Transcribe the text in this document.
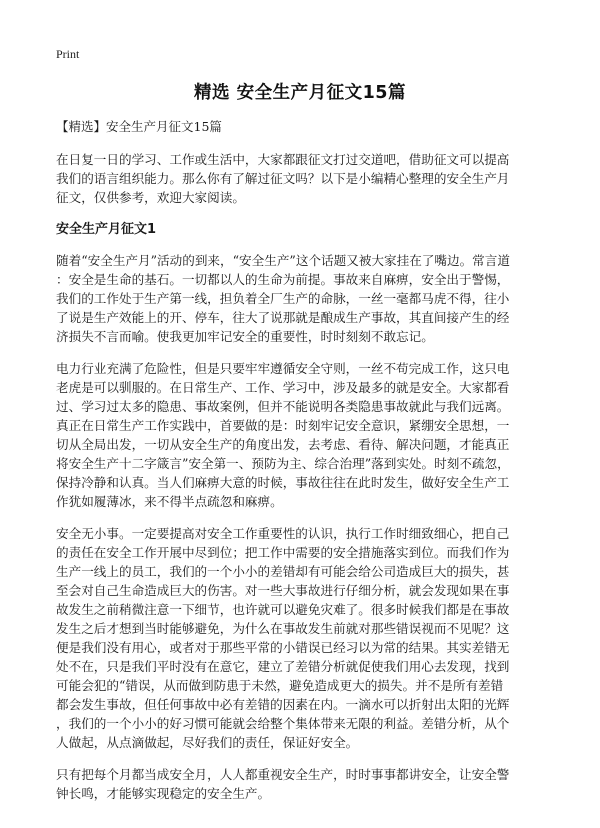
Print
精选 安全生产月征文15篇
【精选】安全生产月征文15篇

在日复一日的学习、工作或生活中，大家都跟征文打过交道吧，借助征文可以提高
我们的语言组织能力。那么你有了解过征文吗？以下是小编精心整理的安全生产月
征文，仅供参考，欢迎大家阅读。

安全生产月征文1

随着“安全生产月”活动的到来，“安全生产”这个话题又被大家挂在了嘴边。常言道
：安全是生命的基石。一切都以人的生命为前提。事故来自麻痹，安全出于警惕，
我们的工作处于生产第一线，担负着全厂生产的命脉，一丝一毫都马虎不得，往小
了说是生产效能上的开、停车，往大了说那就是酿成生产事故，其直间接产生的经
济损失不言而喻。使我更加牢记安全的重要性，时时刻刻不敢忘记。

电力行业充满了危险性，但是只要牢牢遵循安全守则，一丝不苟完成工作，这只电
老虎是可以驯服的。在日常生产、工作、学习中，涉及最多的就是安全。大家都看
过、学习过太多的隐患、事故案例，但并不能说明各类隐患事故就此与我们远离。
真正在日常生产工作实践中，首要做的是：时刻牢记安全意识，紧绷安全思想，一
切从全局出发，一切从安全生产的角度出发，去考虑、看待、解决问题，才能真正
将安全生产十二字箴言”安全第一、预防为主、综合治理”落到实处。时刻不疏忽，
保持冷静和认真。当人们麻痹大意的时候，事故往往在此时发生，做好安全生产工
作犹如履薄冰，来不得半点疏忽和麻痹。

安全无小事。一定要提高对安全工作重要性的认识，执行工作时细致细心，把自己
的责任在安全工作开展中尽到位；把工作中需要的安全措施落实到位。而我们作为
生产一线上的员工，我们的一个小小的差错却有可能会给公司造成巨大的损失，甚
至会对自己生命造成巨大的伤害。对一些大事故进行仔细分析，就会发现如果在事
故发生之前稍微注意一下细节，也许就可以避免灾难了。很多时候我们都是在事故
发生之后才想到当时能够避免，为什么在事故发生前就对那些错误视而不见呢？这
便是我们没有用心，或者对于那些平常的小错误已经习以为常的结果。其实差错无
处不在，只是我们平时没有在意它，建立了差错分析就促使我们用心去发现，找到
可能会犯的“错误，从而做到防患于未然，避免造成更大的损失。并不是所有差错
都会发生事故，但任何事故中必有差错的因素在内。一滴水可以折射出太阳的光辉
，我们的一个小小的好习惯可能就会给整个集体带来无限的利益。差错分析，从个
人做起，从点滴做起，尽好我们的责任，保证好安全。

只有把每个月都当成安全月，人人都重视安全生产，时时事事都讲安全，让安全警
钟长鸣，才能够实现稳定的安全生产。
